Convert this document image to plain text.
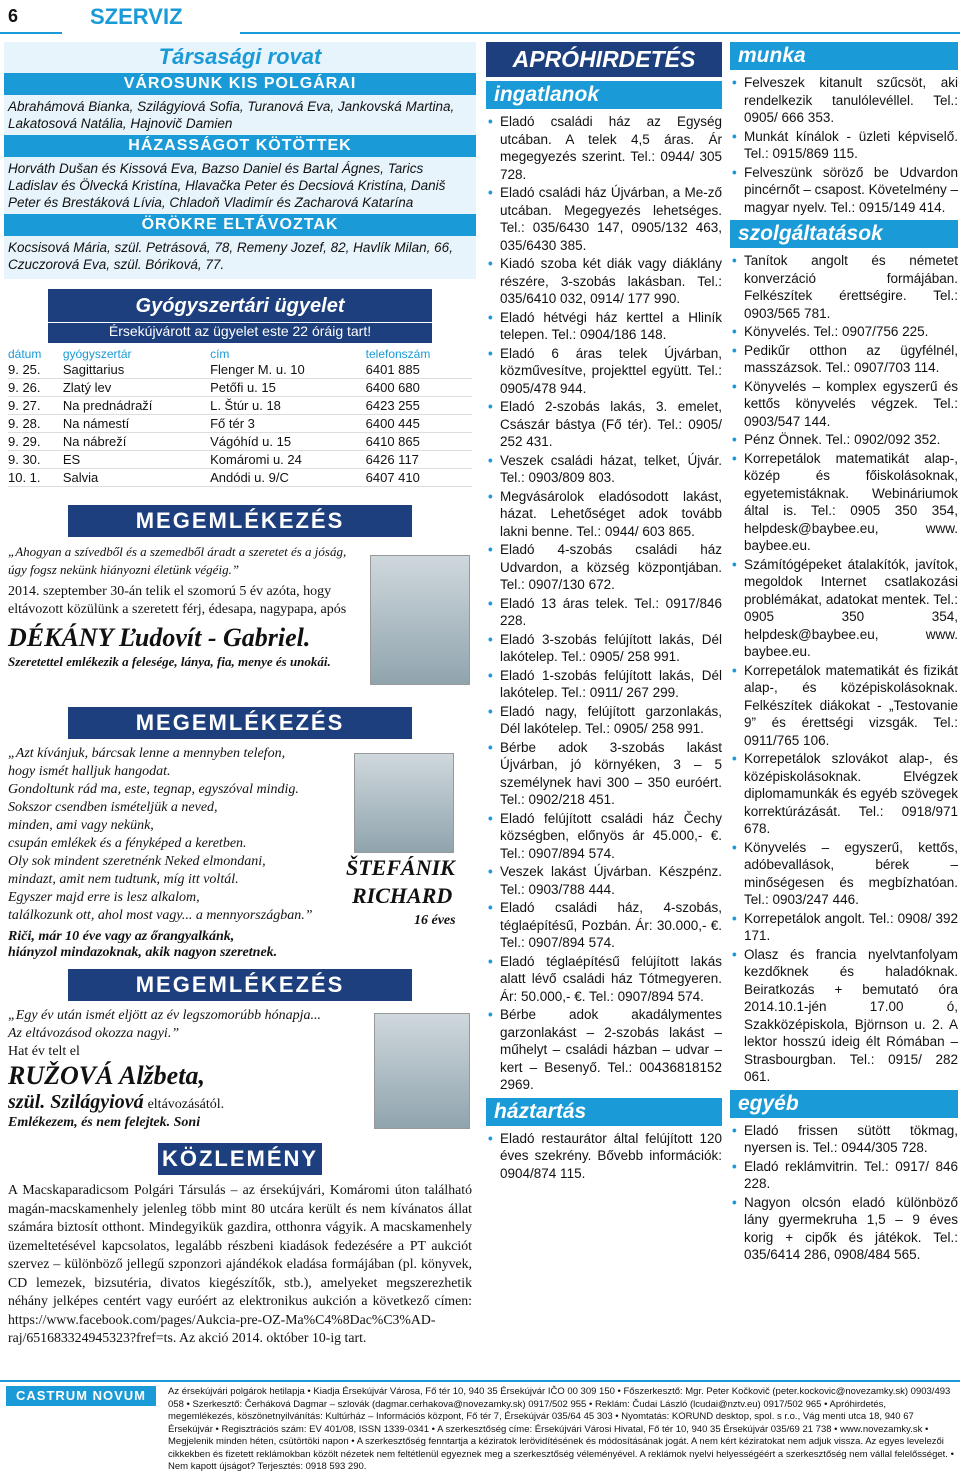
6	SZERVIZ
Társasági rovat
VÁROSUNK KIS POLGÁRAI
Abrahámová Bianka, Szilágyiová Sofia, Turanová Eva, Jankovská Martina, Lakatosová Natália, Hajnovič Damien
HÁZASSÁGOT KÖTÖTTEK
Horváth Dušan és Kissová Eva, Bazso Daniel és Bartal Ágnes, Tarics Ladislav és Ölvecká Kristína, Hlavačka Peter és Decsiová Kristína, Daniš Peter és Brestáková Lívia, Chladoň Vladimír és Zacharová Katarína
ÖRÖKRE ELTÁVOZTAK
Kocsisová Mária, szül. Petrásová, 78, Remeny Jozef, 82, Havlík Milan, 66, Czuczorová Eva, szül. Bóriková, 77.
Gyógyszertári ügyelet
Érsekújvárott az ügyelet este 22 óráig tart!
dátum	gyógyszertár	cím	telefonszám
9. 25.	Sagittarius	Flenger M. u. 10	6401 885
9. 26.	Zlatý lev	Petőfi u. 15	6400 680
9. 27.	Na prednádraží	L. Štúr u. 18	6423 255
9. 28.	Na námestí	Fő tér 3	6400 445
9. 29.	Na nábreží	Vágóhíd u. 15	6410 865
9. 30.	ES	Komáromi u. 24	6426 117
10. 1.	Salvia	Andódi u. 9/C	6407 410
MEGEMLÉKEZÉS

„Ahogyan a szívedből és a szemedből áradt a szeretet és a jóság, úgy fogsz nekünk hiányozni életünk végéig.”

2014. szeptember 30-án telik el szomorú 5 év azóta, hogy eltávozott közülünk a szeretett férj, édesapa, nagypapa, após

DÉKÁNY Ľudovít - Gabriel.

Szeretettel emlékezik a felesége, lánya, fia, menye és unokái.

MEGEMLÉKEZÉS
„Azt kívánjuk, bárcsak lenne a mennyben telefon,
hogy ismét halljuk hangodat.
Gondoltunk rád ma, este, tegnap, egyszóval mindig.
Sokszor csendben ismételjük a neved,
minden, ami vagy nekünk,
csupán emlékek és a fényképed a keretben.
Oly sok mindent szeretnénk Neked elmondani,
mindazt, amit nem tudtunk, míg itt voltál.
Egyszer majd erre is lesz alkalom,
találkozunk ott, ahol most vagy... a mennyországban.”
Riči, már 10 éve vagy az őrangyalkánk,
hiányzol mindazoknak, akik nagyon szeretnek.
ŠTEFÁNIK
RICHARD
16 éves
MEGEMLÉKEZÉS

„Egy év után ismét eljött az év legszomorúbb hónapja...

Az eltávozásod okozza nagyi.”

Hat év telt el

RUŽOVÁ Alžbeta,
szül. Szilágyiová eltávozásától.

Emlékezem, és nem felejtek. Soni

KÖZLEMÉNY

A Macskaparadicsom Polgári Társulás – az érsekújvári, Komáromi úton található magán-macskamenhely jelenleg több mint 80 utcára került és nem kívánatos állat számára biztosít otthont. Mindegyikük gazdira, otthonra vágyik. A macskamenhely üzemeltetésével kapcsolatos, legalább részbeni kiadások fedezésére a PT aukciót szervez – különböző jellegű szponzori ajándékok eladása formájában (pl. könyvek, CD lemezek, bizsutéria, divatos kiegészítők, stb.), amelyeket megszerezhetik néhány jelképes centért vagy euróért az elektronikus aukción a következő címen: https://www.facebook.com/pages/Aukcia-pre-OZ-Ma%C4%8Dac%C3%AD-raj/651683324945323?fref=ts. Az akció 2014. október 10-ig tart.

APRÓHIRDETÉS
ingatlanok
• Eladó családi ház az Egység utcában. A telek 4,5 áras. Ár megegyezés szerint. Tel.: 0944/ 305 728.
• Eladó családi ház Újvárban, a Me-ző utcában. Megegyezés lehetséges. Tel.: 035/6430 147, 0905/132 463, 035/6430 385.
• Kiadó szoba két diák vagy diáklány részére, 3-szobás lakásban. Tel.: 035/6410 032, 0914/ 177 990.
• Eladó hétvégi ház kerttel a Hliník telepen. Tel.: 0904/186 148.
• Eladó 6 áras telek Újvárban, közművesítve, projekttel együtt. Tel.: 0905/478 944.
• Eladó 2-szobás lakás, 3. emelet, Császár bástya (Fő tér). Tel.: 0905/ 252 431.
• Veszek családi házat, telket, Újvár. Tel.: 0903/809 803.
• Megvásárolok eladósodott lakást, házat. Lehetőséget adok tovább lakni benne. Tel.: 0944/ 603 865.
• Eladó 4-szobás családi ház Udvardon, a község központjában. Tel.: 0907/130 672.
• Eladó 13 áras telek. Tel.: 0917/846 228.
• Eladó 3-szobás felújított lakás, Dél lakótelep. Tel.: 0905/ 258 991.
• Eladó 1-szobás felújított lakás, Dél lakótelep. Tel.: 0911/ 267 299.
• Eladó nagy, felújított garzonlakás, Dél lakótelep. Tel.: 0905/ 258 991.
• Bérbe adok 3-szobás lakást Újvárban, jó környéken, 3 – 5 személynek havi 300 – 350 euróért. Tel.: 0902/218 451.
• Eladó felújított családi ház Čechy községben, előnyös ár 45.000,- €. Tel.: 0907/894 574.
• Veszek lakást Újvárban. Készpénz. Tel.: 0903/788 444.
• Eladó családi ház, 4-szobás, téglaépítésű, Pozbán. Ár: 30.000,- €. Tel.: 0907/894 574.
• Eladó téglaépítésű felújított lakás alatt lévő családi ház Tótmegyeren. Ár: 50.000,- €. Tel.: 0907/894 574.
• Bérbe adok akadálymentes garzonlakást – 2-szobás lakást – műhelyt – családi házban – udvar – kert – Besenyő. Tel.: 00436818152 2969.
háztartás
• Eladó restaurátor által felújított 120 éves szekrény. Bővebb információk: 0904/874 115.
munka
• Felveszek kitanult szűcsöt, aki rendelkezik tanulólevéllel. Tel.: 0905/ 666 353.
• Munkát kínálok - üzleti képviselő. Tel.: 0915/869 115.
• Felveszünk söröző be Udvardon pincérnőt – csapost. Követelmény – magyar nyelv. Tel.: 0915/149 414.
szolgáltatások
• Tanítok angolt és németet konverzáció formájában. Felkészítek érettségire. Tel.: 0903/565 781.
• Könyvelés. Tel.: 0907/756 225.
• Pedikűr otthon az ügyfélnél, masszázsok. Tel.: 0907/703 114.
• Könyvelés – komplex egyszerű és kettős könyvelés végzek. Tel.: 0903/547 144.
• Pénz Önnek. Tel.: 0902/092 352.
• Korrepetálok matematikát alap-, közép és főiskolásoknak, egyetemistáknak. Webináriumok által is. Tel.: 0905 350 354, helpdesk@baybee.eu, www. baybee.eu.
• Számítógépeket átalakítók, javítok, megoldok Internet csatlakozási problémákat, adatokat mentek. Tel.: 0905 350 354, helpdesk@baybee.eu, www. baybee.eu.
• Korrepetálok matematikát és fizikát alap-, és középiskolásoknak. Felkészítek diákokat - „Testovanie 9” és érettségi vizsgák. Tel.: 0911/765 106.
• Korrepetálok szlovákot alap-, és középiskolásoknak. Elvégzek diplomamunkák és egyéb szövegek korrektúrázását. Tel.: 0918/971 678.
• Könyvelés – egyszerű, kettős, adóbevallások, bérek – minőségesen és megbízhatóan. Tel.: 0903/247 446.
• Korrepetálok angolt. Tel.: 0908/ 392 171.
• Olasz és francia nyelvtanfolyam kezdőknek és haladóknak. Beiratkozás + bemutató óra 2014.10.1-jén 17.00 ó, Szakközépiskola, Björnson u. 2. A lektor hosszú ideig élt Rómában – Strasbourgban. Tel.: 0915/ 282 061.
egyéb
• Eladó frissen sütött tökmag, nyersen is. Tel.: 0944/305 728.
• Eladó reklámvitrin. Tel.: 0917/ 846 228.
• Nagyon olcsón eladó különböző lány gyermekruha 1,5 – 9 éves korig + cipők és játékok. Tel.: 035/6414 286, 0908/484 565.
Az érsekújvári polgárok hetilapja • Kiadja Érsekújvár Városa, Fő tér 10, 940 35 Érsekújvár IČO 00 309 150 • Főszerkesztő: Mgr. Peter Kočkovič (peter.kockovic@novezamky.sk) 0903/493 058 • Szerkesztő: Čerháková Dagmar – szlovák (dagmar.cerhakova@novezamky.sk) 0917/502 955 • Reklám: Čudai László (lcudai@nztv.eu) 0917/502 965 • Apróhirdetés, megemlékezés, köszönetnyilvánítás: Kultúrház – Információs központ, Fő tér 7, Érsekújvár 035/64 45 303 • Nyomtatás: KORUND desktop, spol. s r.o., Vág menti utca 18, 940 67 Érsekújvár • Regisztrációs szám: EV 401/08, ISSN 1339-0341 • A szerkesztőség címe: Érsekújvári Városi Hivatal, Fő tér 10, 940 35 Érsekújvár 035/69 21 738 • www.novezamky.sk • Megjelenik minden héten, csütörtöki napon • A szerkesztőség fenntartja a kéziratok lerövidítésének és módosításának jogát. A nem kért kéziratokat nem adjuk vissza. Az egyes levelezői cikkekben és fizetett reklámokban közölt nézetek nem feltétlenül egyeznek meg a szerkesztőség véleményével. A reklámok nyelvi helyességéért a szerkesztőség nem vállal felelősséget. • Nem kapott újságot? Terjesztés: 0918 593 290.
CASTRUM NOVUM
